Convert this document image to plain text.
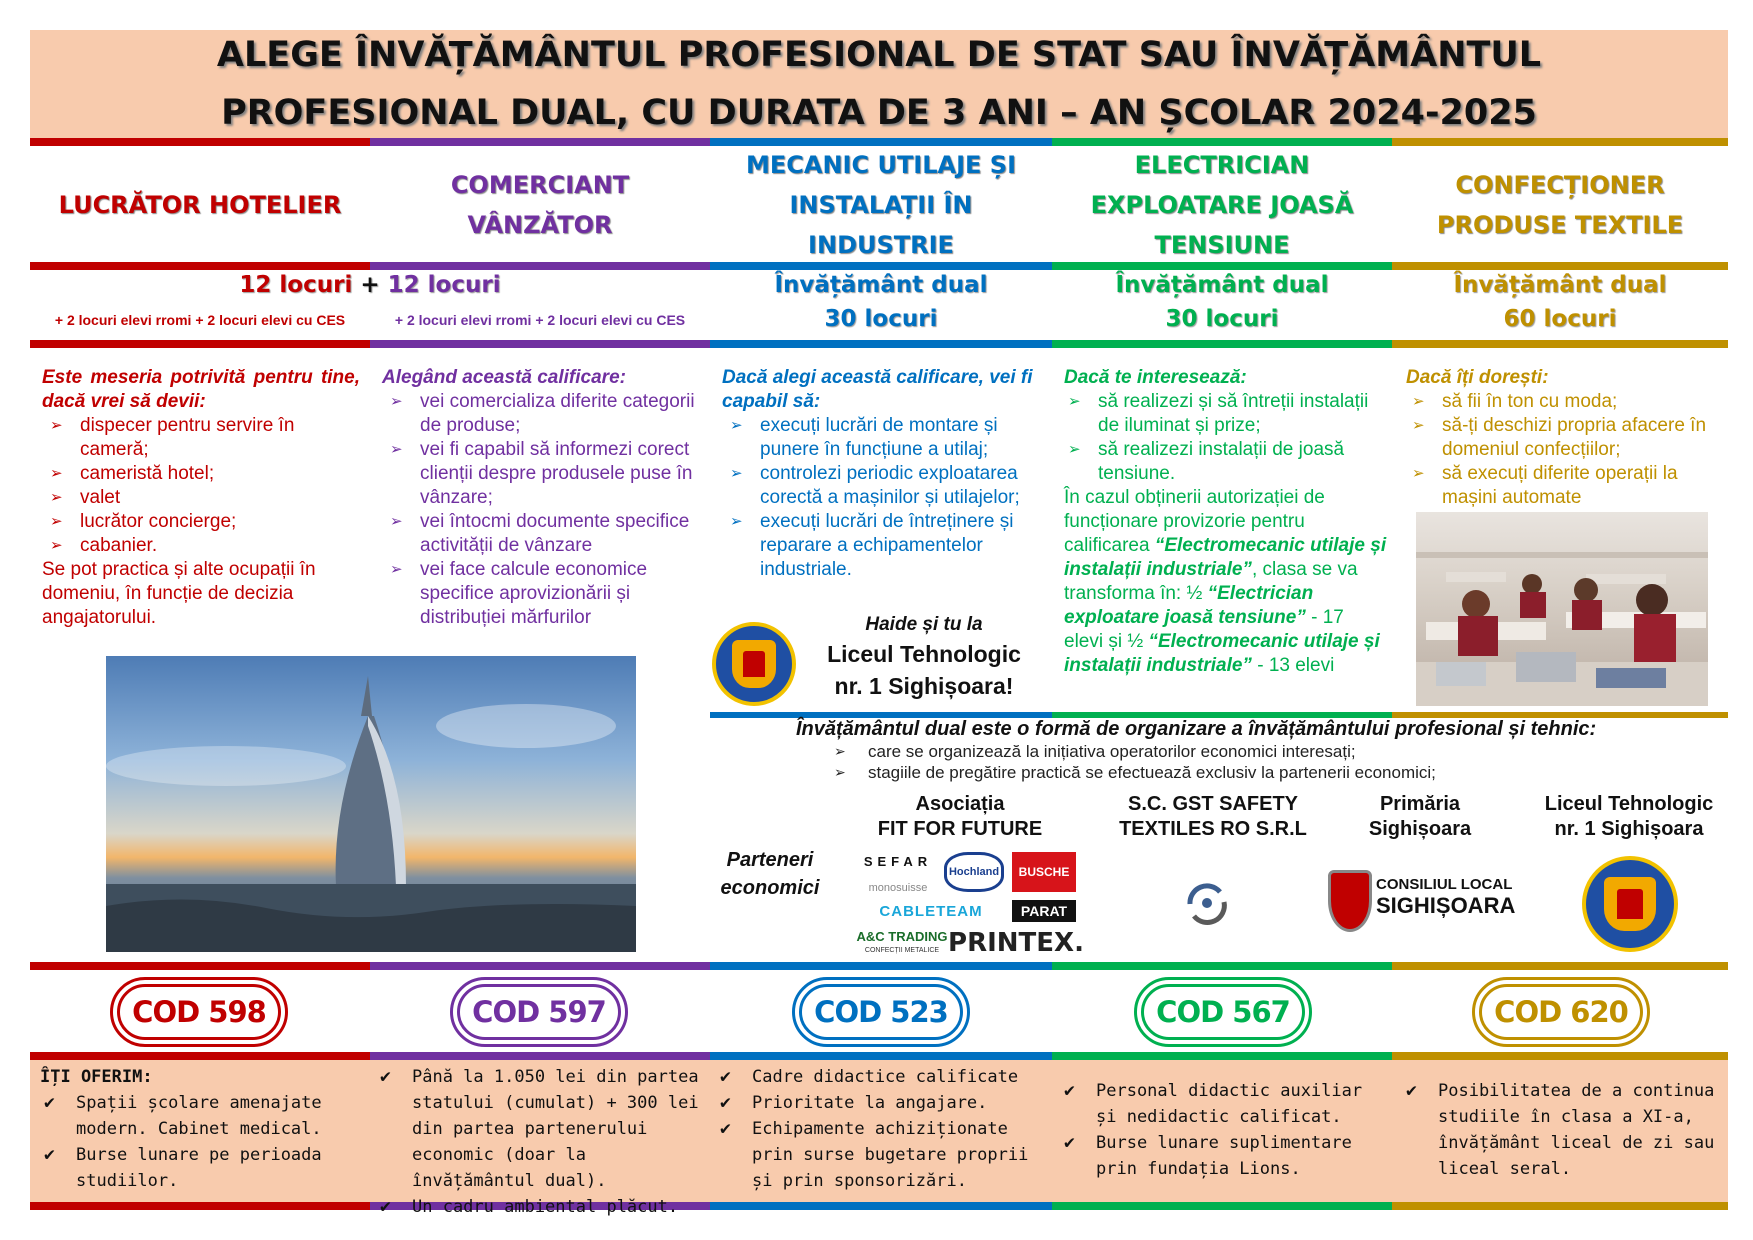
ALEGE ÎNVĂȚĂMÂNTUL PROFESIONAL DE STAT SAU ÎNVĂȚĂMÂNTUL
PROFESIONAL DUAL, CU DURATA DE 3 ANI – AN ȘCOLAR 2024-2025
LUCRĂTOR HOTELIER
COMERCIANT
VÂNZĂTOR
MECANIC UTILAJE ȘI
INSTALAȚII ÎN
INDUSTRIE
ELECTRICIAN
EXPLOATARE JOASĂ
TENSIUNE
CONFECȚIONER
PRODUSE TEXTILE
12 locuri + 12 locuri
+ 2 locuri elevi rromi + 2 locuri elevi cu CES	+ 2 locuri elevi rromi + 2 locuri elevi cu CES
Învățământ dual
30 locuri
Învățământ dual
30 locuri
Învățământ dual
60 locuri
Este meseria potrivită pentru tine, dacă vrei să devii:
➢ dispecer pentru servire în cameră;
➢ cameristă hotel;
➢ valet
➢ lucrător concierge;
➢ cabanier.
Se pot practica și alte ocupații în domeniu, în funcție de decizia angajatorului.
Alegând această calificare:
➢ vei comercializa diferite categorii de produse;
➢ vei fi capabil să informezi corect clienții despre produsele puse în vânzare;
➢ vei întocmi documente specifice activității de vânzare
➢ vei face calcule economice specifice aprovizionării și distribuției mărfurilor
Dacă alegi această calificare, vei fi capabil să:
➢ execuți lucrări de montare și punere în funcțiune a utilaj;
➢ controlezi periodic exploatarea corectă a mașinilor și utilajelor;
➢ execuți lucrări de întreținere și reparare a echipamentelor industriale.
Haide și tu la
Liceul Tehnologic
nr. 1 Sighișoara!
Dacă te interesează:
➢ să realizezi și să întreții instalații de iluminat și prize;
➢ să realizezi instalații de joasă tensiune.
În cazul obținerii autorizației de funcționare provizorie pentru calificarea “Electromecanic utilaje și instalații industriale”, clasa se va transforma în: ½ “Electrician exploatare joasă tensiune” - 17 elevi și ½ “Electromecanic utilaje și instalații industriale” - 13 elevi
Dacă îți dorești:
➢ să fii în ton cu moda;
➢ să-ți deschizi propria afacere în domeniul confecțiilor;
➢ să execuți diferite operații la mașini automate
Învățământul dual este o formă de organizare a învățământului profesional și tehnic:
➢ care se organizează la inițiativa operatorilor economici interesați;
➢ stagiile de pregătire practică se efectuează exclusiv la partenerii economici;
Parteneri
economici
Asociația
FIT FOR FUTURE
S.C. GST SAFETY
TEXTILES RO S.R.L
Primăria
Sighișoara
Liceul Tehnologic
nr. 1 Sighișoara
SEFAR
Hochland	BUSCHE
monosuisse
CABLETEAM	PARAT
A&C TRADING
CONFECȚII METALICE PRINTEX.
CONSILIUL LOCAL
SIGHIȘOARA
COD 598	COD 597	COD 523	COD 567	COD 620
ÎȚI OFERIM:
✔ Spații școlare amenajate modern. Cabinet medical.
✔ Burse lunare pe perioada studiilor.
✔ Până la 1.050 lei din partea statului (cumulat) + 300 lei din partea partenerului economic (doar la învățământul dual).
✔ Un cadru ambiental plăcut.
✔ Cadre didactice calificate
✔ Prioritate la angajare.
✔ Echipamente achiziționate prin surse bugetare proprii și prin sponsorizări.
✔ Personal didactic auxiliar și nedidactic calificat.
✔ Burse lunare suplimentare prin fundația Lions.
✔ Posibilitatea de a continua studiile în clasa a XI-a, învățământ liceal de zi sau liceal seral.
